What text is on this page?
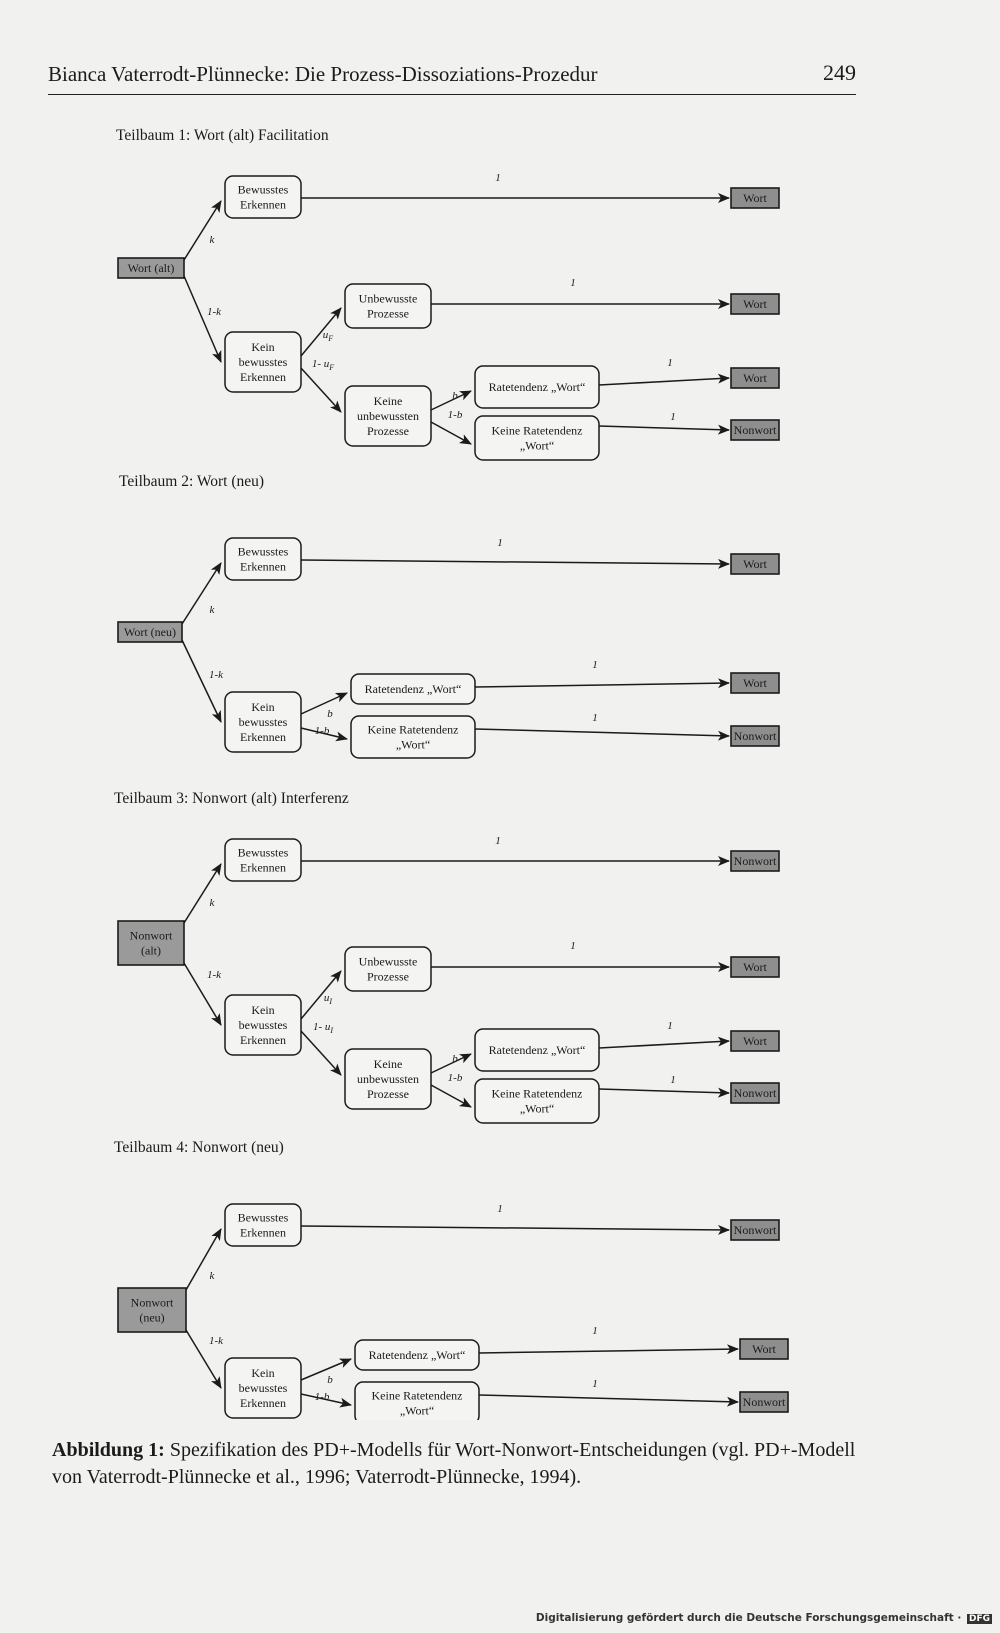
Bianca Vaterrodt-Plünnecke: Die Prozess-Dissoziations-Prozedur	249
Teilbaum 1: Wort (alt) Facilitation
Wort (alt)
Bewusstes
Erkennen
Kein
bewusstes
Erkennen
Unbewusste
Prozesse
Keine
unbewussten
Prozesse
Ratetendenz „Wort“
Keine Ratetendenz
„Wort“
Wort
Wort
Wort
Nonwort
k
1-k
$u_F$
1- $u_F$
b
1-b
1
1
1
1
Teilbaum 2: Wort (neu)
Wort (neu)
Bewusstes
Erkennen
Kein
bewusstes
Erkennen
Ratetendenz „Wort“
Keine Ratetendenz
„Wort“
Wort
Wort
Nonwort
k
1-k
b
1-b
1
1
1
Teilbaum 3: Nonwort (alt) Interferenz
Nonwort
(alt)
Bewusstes
Erkennen
Kein
bewusstes
Erkennen
Unbewusste
Prozesse
Keine
unbewussten
Prozesse
Ratetendenz „Wort“
Keine Ratetendenz
„Wort“
Nonwort
Wort
Wort
Nonwort
k
1-k
$u_I$
1- $u_I$
b
1-b
1
1
1
1
Teilbaum 4: Nonwort (neu)
Nonwort
(neu)
Bewusstes
Erkennen
Kein
bewusstes
Erkennen
Ratetendenz „Wort“
Keine Ratetendenz
„Wort“
Nonwort
Wort
Nonwort
k
1-k
b
1-b
1
1
1
Abbildung 1: Spezifikation des PD+-Modells für Wort-Nonwort-Entscheidungen (vgl. PD+-Modell von Vaterrodt-Plünnecke et al., 1996; Vaterrodt-Plünnecke, 1994).
Digitalisierung gefördert durch die Deutsche Forschungsgemeinschaft · DFG
